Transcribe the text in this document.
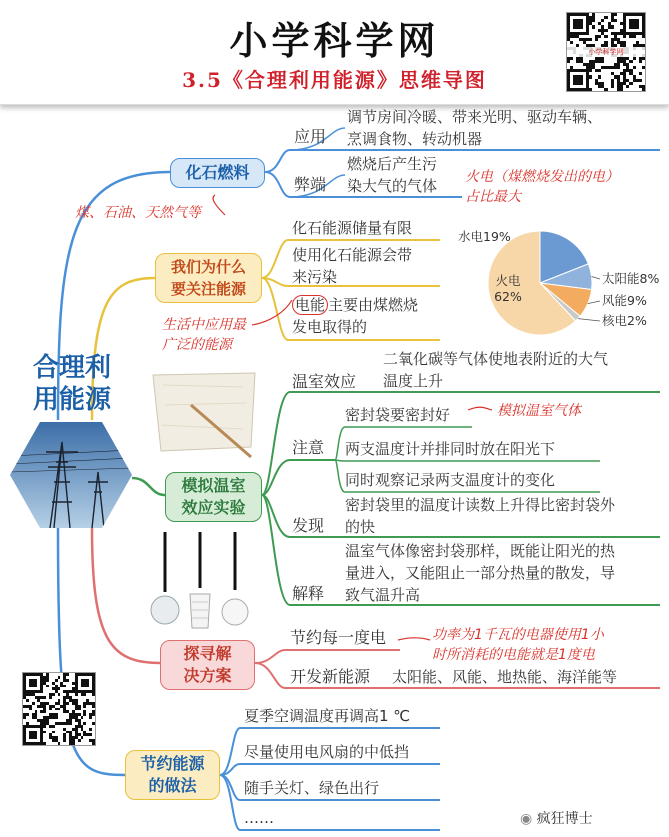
小学科学网
3.5《合理利用能源》思维导图
小学科学网
合理利
用能源
化石燃料
煤、石油、天然气等
应用
调节房间冷暖、带来光明、驱动车辆、
烹调食物、转动机器
弊端
燃烧后产生污
染大气的气体
我们为什么
要关注能源
化石能源储量有限
使用化石能源会带
来污染
电能 主要由煤燃烧
发电取得的
生活中应用最
广泛的能源
火电（煤燃烧发出的电）占比最大
水电19%
太阳能8%
风能9%
核电2%
火电
62%
模拟温室
效应实验
温室效应
二氧化碳等气体使地表附近的大气
温度上升
注意
密封袋要密封好	模拟温室气体
两支温度计并排同时放在阳光下
同时观察记录两支温度计的变化
发现
密封袋里的温度计读数上升得比密封袋外
的快
解释
温室气体像密封袋那样，既能让阳光的热
量进入，又能阻止一部分热量的散发，导
致气温升高
探寻解
决方案
节约每一度电	功率为1千瓦的电器使用1小
时所消耗的电能就是1度电
开发新能源 太阳能、风能、地热能、海洋能等
节约能源
的做法
夏季空调温度再调高1 ℃
尽量使用电风扇的中低挡
随手关灯、绿色出行
……	◉ 疯狂博士
